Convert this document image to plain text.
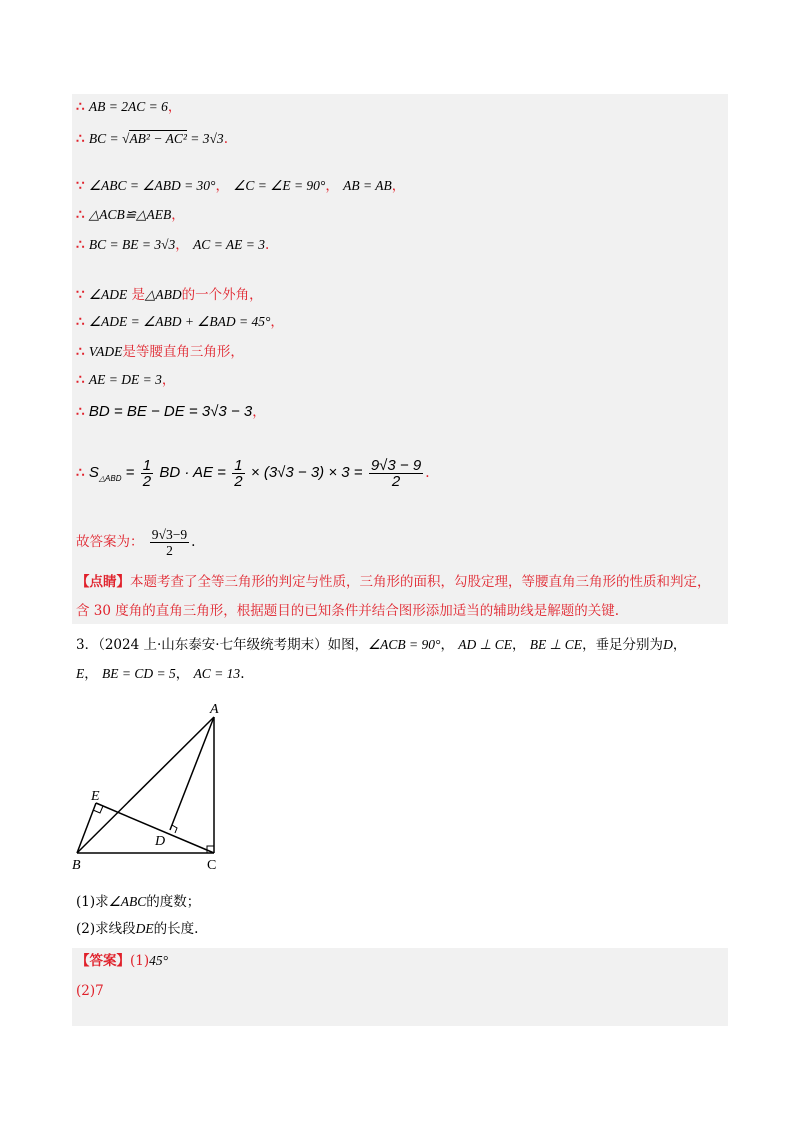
∴ AB = 2AC = 6，
∴ BC = √AB² − AC² = 3√3.
∵ ∠ABC = ∠ABD = 30°， ∠C = ∠E = 90°， AB = AB，
∴ △ACB≌△AEB，
∴ BC = BE = 3√3， AC = AE = 3.
∵ ∠ADE 是△ABD的一个外角，
∴ ∠ADE = ∠ABD + ∠BAD = 45°，
∴ VADE是等腰直角三角形，
∴ AE = DE = 3，
∴ BD = BE − DE = 3√3 − 3，
∴ $S_{\triangle ABD} = \frac{1}{2}$ BD · AE = $\frac{1}{2} \times (3√3 - 3) \times 3 = \frac{9√3 - 9}{2}$ .
故答案为： $\frac{9√3-9}{2}$ .
【点睛】本题考查了全等三角形的判定与性质，三角形的面积，勾股定理，等腰直角三角形的性质和判定，
含 30 度角的直角三角形，根据题目的已知条件并结合图形添加适当的辅助线是解题的关键.
3．（2024 上·山东泰安·七年级统考期末）如图，∠ACB = 90°， AD ⊥ CE， BE ⊥ CE，垂足分别为D，
E， BE = CD = 5， AC = 13.
A
B	C
D
E
(1)求∠ABC的度数；
(2)求线段DE的长度.
【答案】(1)45°
(2)7
